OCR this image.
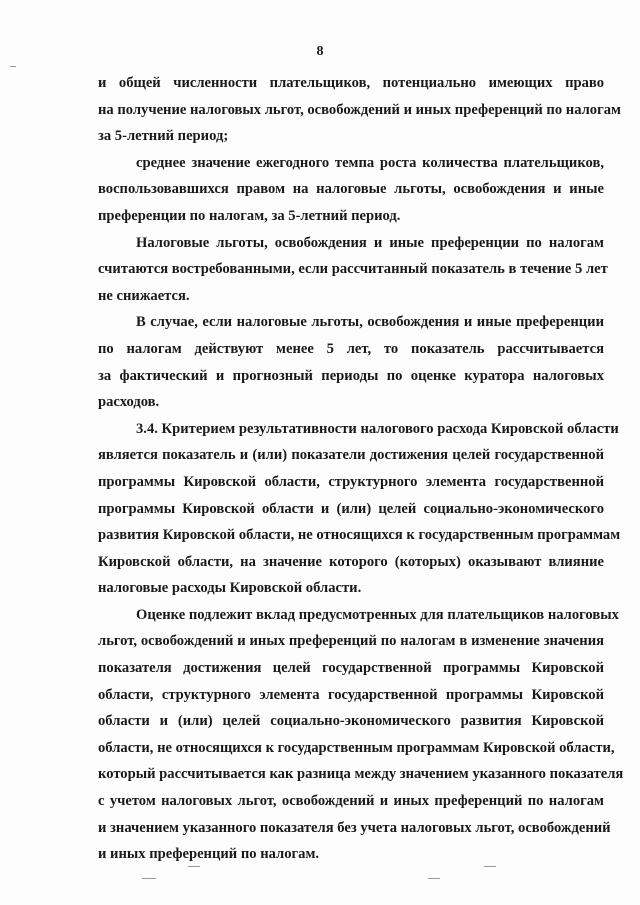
8
и общей численности плательщиков, потенциально имеющих право
на получение налоговых льгот, освобождений и иных преференций по налогам
за 5-летний период;
среднее значение ежегодного темпа роста количества плательщиков,
воспользовавшихся правом на налоговые льготы, освобождения и иные
преференции по налогам, за 5-летний период.
Налоговые льготы, освобождения и иные преференции по налогам
считаются востребованными, если рассчитанный показатель в течение 5 лет
не снижается.
В случае, если налоговые льготы, освобождения и иные преференции
по налогам действуют менее 5 лет, то показатель рассчитывается
за фактический и прогнозный периоды по оценке куратора налоговых
расходов.
3.4. Критерием результативности налогового расхода Кировской области
является показатель и (или) показатели достижения целей государственной
программы Кировской области, структурного элемента государственной
программы Кировской области и (или) целей социально-экономического
развития Кировской области, не относящихся к государственным программам
Кировской области, на значение которого (которых) оказывают влияние
налоговые расходы Кировской области.
Оценке подлежит вклад предусмотренных для плательщиков налоговых
льгот, освобождений и иных преференций по налогам в изменение значения
показателя достижения целей государственной программы Кировской
области, структурного элемента государственной программы Кировской
области и (или) целей социально-экономического развития Кировской
области, не относящихся к государственным программам Кировской области,
который рассчитывается как разница между значением указанного показателя
с учетом налоговых льгот, освобождений и иных преференций по налогам
и значением указанного показателя без учета налоговых льгот, освобождений
и иных преференций по налогам.
